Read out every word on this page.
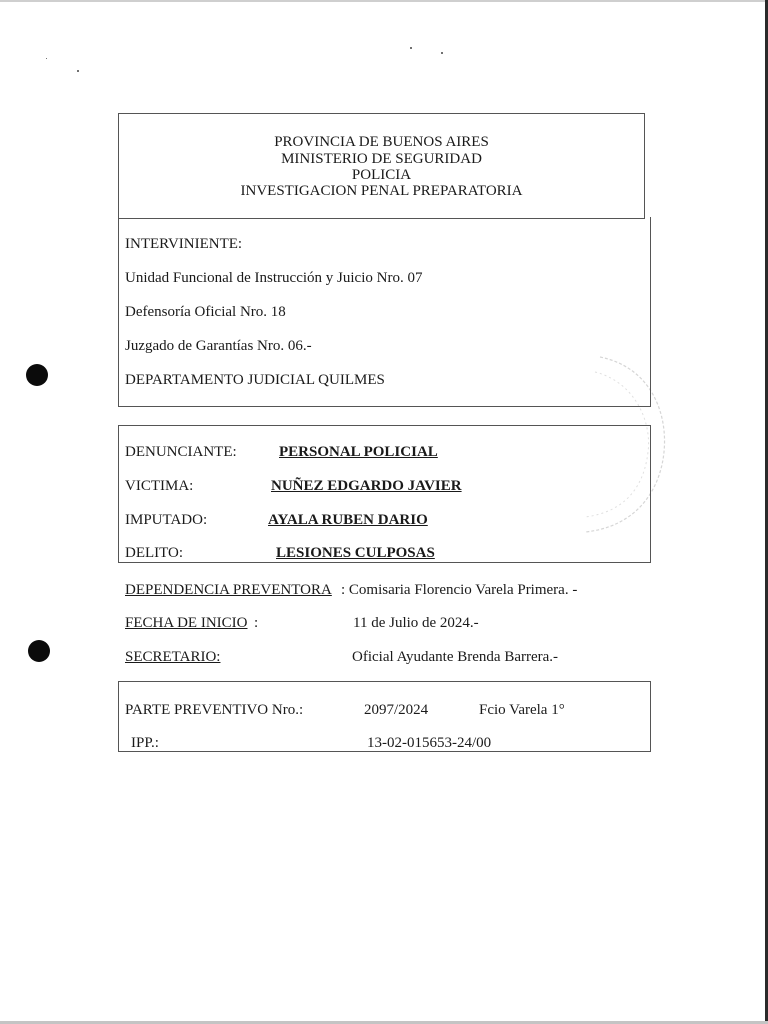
PROVINCIA DE BUENOS AIRES
MINISTERIO DE SEGURIDAD
POLICIA
INVESTIGACION PENAL PREPARATORIA
INTERVINIENTE:
Unidad Funcional de Instrucción y Juicio Nro. 07
Defensoría Oficial Nro. 18
Juzgado de Garantías Nro. 06.-
DEPARTAMENTO JUDICIAL QUILMES
DENUNCIANTE:	PERSONAL POLICIAL
VICTIMA:	NUÑEZ EDGARDO JAVIER
IMPUTADO:	AYALA RUBEN DARIO
DELITO:	LESIONES CULPOSAS
DEPENDENCIA PREVENTORA : Comisaria Florencio Varela Primera. -
FECHA DE INICIO :	11 de Julio de 2024.-
SECRETARIO:	Oficial Ayudante Brenda Barrera.-
PARTE PREVENTIVO Nro.:	2097/2024	Fcio Varela 1°
IPP.:	13-02-015653-24/00
